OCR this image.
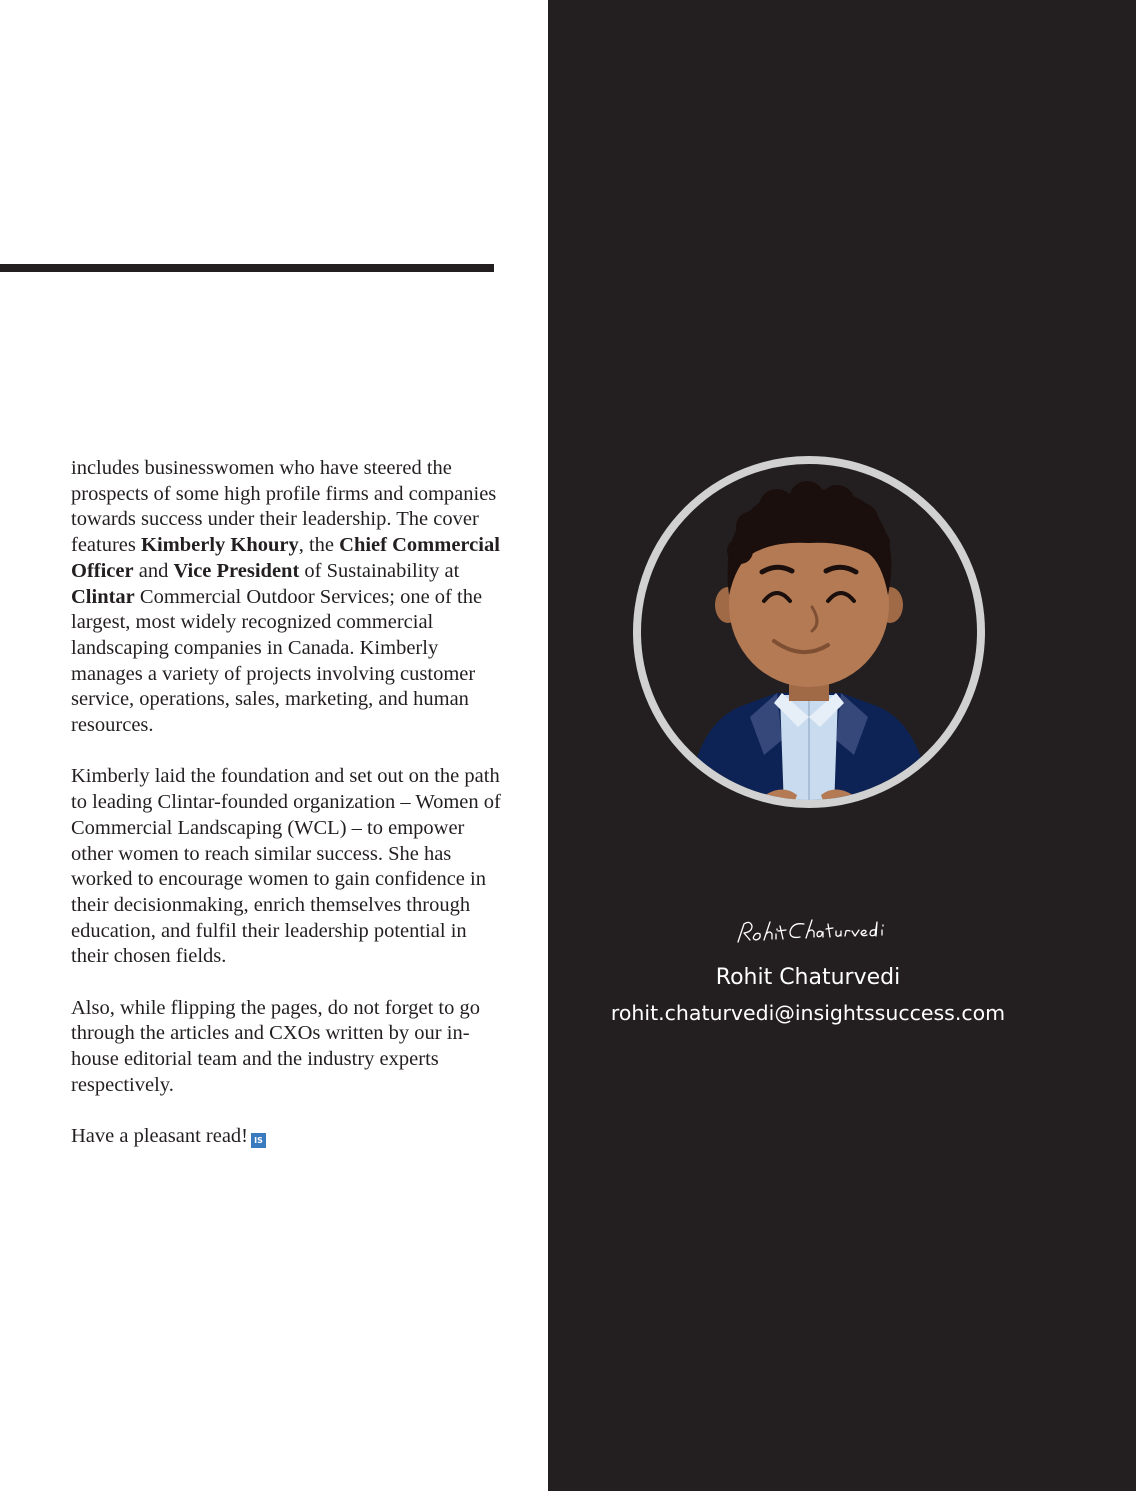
includes businesswomen who have steered the prospects of some high profile firms and companies towards success under their leadership. The cover features Kimberly Khoury, the Chief Commercial Officer and Vice President of Sustainability at Clintar Commercial Outdoor Services; one of the largest, most widely recognized commercial landscaping companies in Canada. Kimberly manages a variety of projects involving customer service, operations, sales, marketing, and human resources.

Kimberly laid the foundation and set out on the path to leading Clintar-founded organization – Women of Commercial Landscaping (WCL) – to empower other women to reach similar success. She has worked to encourage women to gain confidence in their decisionmaking, enrich themselves through education, and fulfil their leadership potential in their chosen fields.

Also, while flipping the pages, do not forget to go through the articles and CXOs written by our in-house editorial team and the industry experts respectively.

Have a pleasant read! IS

Rohit Chaturvedi
rohit.chaturvedi@insightssuccess.com
